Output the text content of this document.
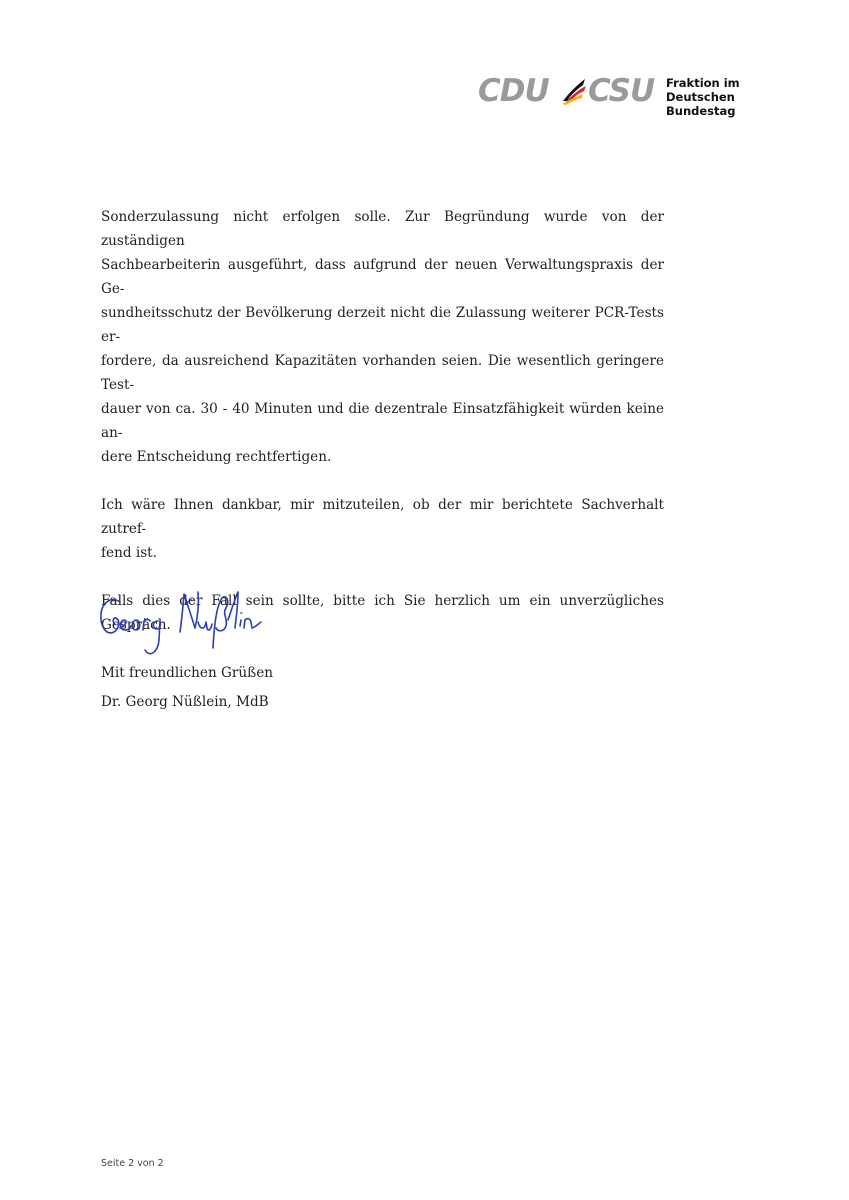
CDU CSU Fraktion im
Deutschen Bundestag
Sonderzulassung nicht erfolgen solle. Zur Begründung wurde von der zuständigen
Sachbearbeiterin ausgeführt, dass aufgrund der neuen Verwaltungspraxis der Ge-
sundheitsschutz der Bevölkerung derzeit nicht die Zulassung weiterer PCR-Tests er-
fordere, da ausreichend Kapazitäten vorhanden seien. Die wesentlich geringere Test-
dauer von ca. 30 - 40 Minuten und die dezentrale Einsatzfähigkeit würden keine an-
dere Entscheidung rechtfertigen.
Ich wäre Ihnen dankbar, mir mitzuteilen, ob der mir berichtete Sachverhalt zutref-
fend ist.
Falls dies der Fall sein sollte, bitte ich Sie herzlich um ein unverzügliches Gespräch.
Mit freundlichen Grüßen
Dr. Georg Nüßlein, MdB
Seite 2 von 2
